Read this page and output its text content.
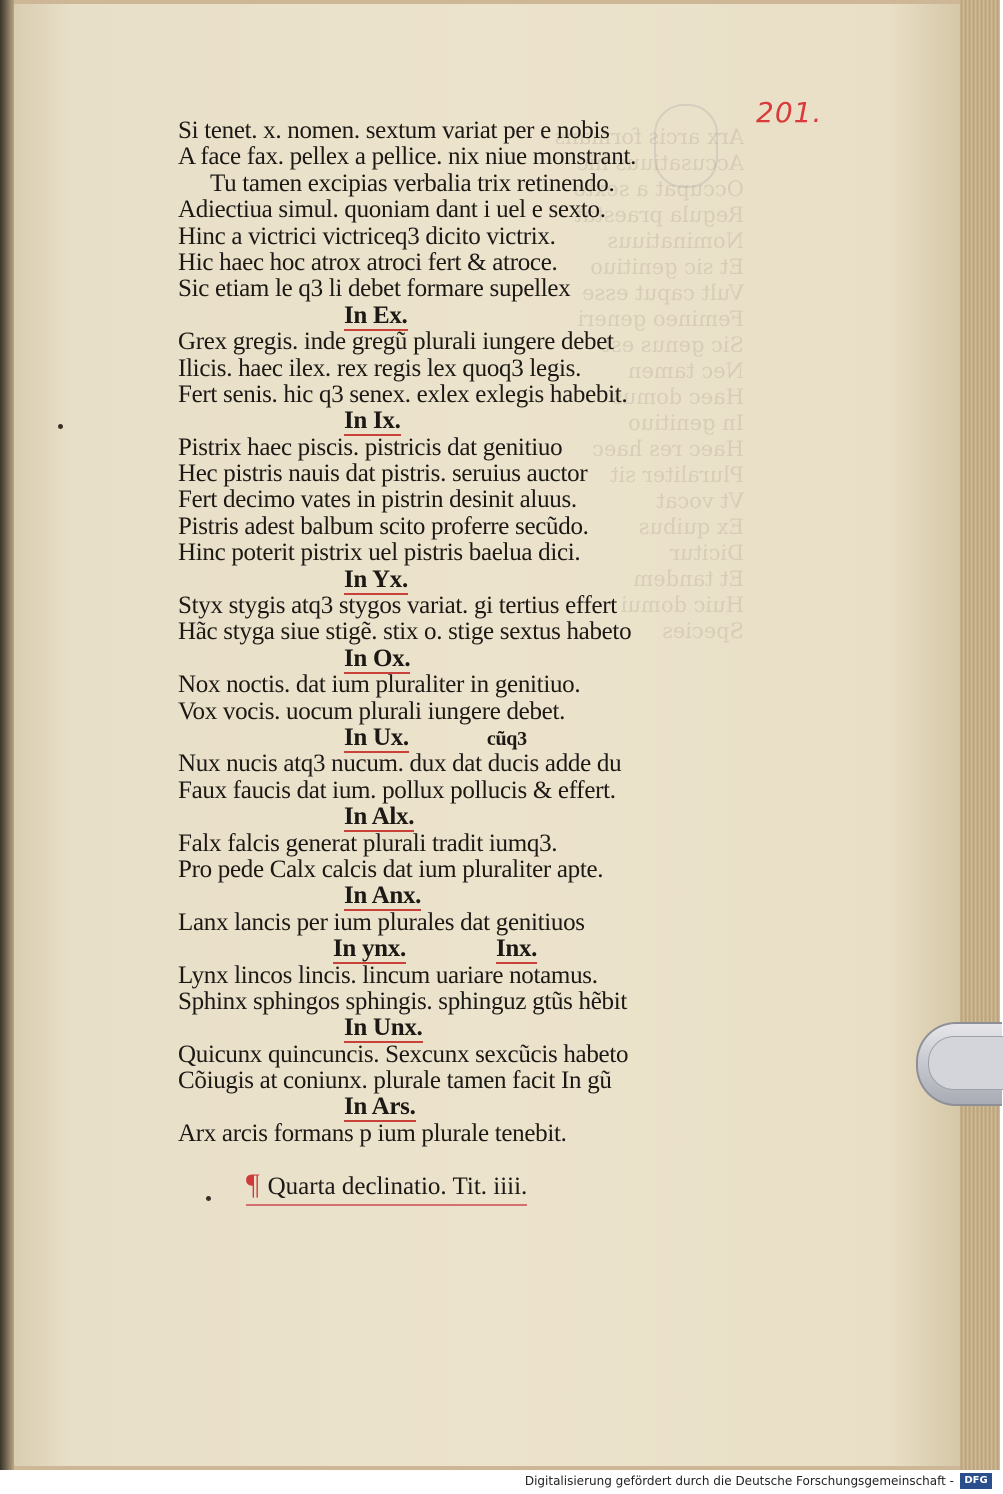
Arx arcis formans
Accusatiuus hic
Occupat a sexto
Regula praestat
Nominatiuus
Et sic genitiuo
Vult caput esse
Femineo generi
Sic genus est
Nec tamen
Haec domus
In genitiuo
Haec res haec
Pluraliter sit
Vt vocat
Ex quibus
Dicitur
Et tandem
Huic domui
Species
201.
Si tenet. x. nomen. sextum variat per e nobis
A face fax. pellex a pellice. nix niue monstrant.
Tu tamen excipias verbalia trix retinendo.
Adiectiua simul. quoniam dant i uel e sexto.
Hinc a victrici victriceq3 dicito victrix.
Hic haec hoc atrox atroci fert & atroce.
Sic etiam le q3 li debet formare supellex
In Ex.
Grex gregis. inde gregũ plurali iungere debet
Ilicis. haec ilex. rex regis lex quoq3 legis.
Fert senis. hic q3 senex. exlex exlegis habebit.
In Ix.
Pistrix haec piscis. pistricis dat genitiuo
Hec pistris nauis dat pistris. seruius auctor
Fert decimo vates in pistrin desinit aluus.
Pistris adest balbum scito proferre secũdo.
Hinc poterit pistrix uel pistris baelua dici.
In Yx.
Styx stygis atq3 stygos variat. gi tertius effert
Hãc styga siue stigẽ. stix o. stige sextus habeto
In Ox.
Nox noctis. dat ium pluraliter in genitiuo.
Vox vocis. uocum plurali iungere debet.
In Ux.	cũq3
Nux nucis atq3 nucum. dux dat ducis adde du
Faux faucis dat ium. pollux pollucis & effert.
In Alx.
Falx falcis generat plurali tradit iumq3.
Pro pede Calx calcis dat ium pluraliter apte.
In Anx.
Lanx lancis per ium plurales dat genitiuos
In ynx.	Inx.
Lynx lincos lincis. lincum uariare notamus.
Sphinx sphingos sphingis. sphinguz gtũs hẽbit
In Unx.
Quicunx quincuncis. Sexcunx sexcũcis habeto
Cõiugis at coniunx. plurale tamen facit In gũ
In Ars.
Arx arcis formans p ium plurale tenebit.
¶ Quarta declinatio. Tit. iiii.
Digitalisierung gefördert durch die Deutsche Forschungsgemeinschaft -	DFG
